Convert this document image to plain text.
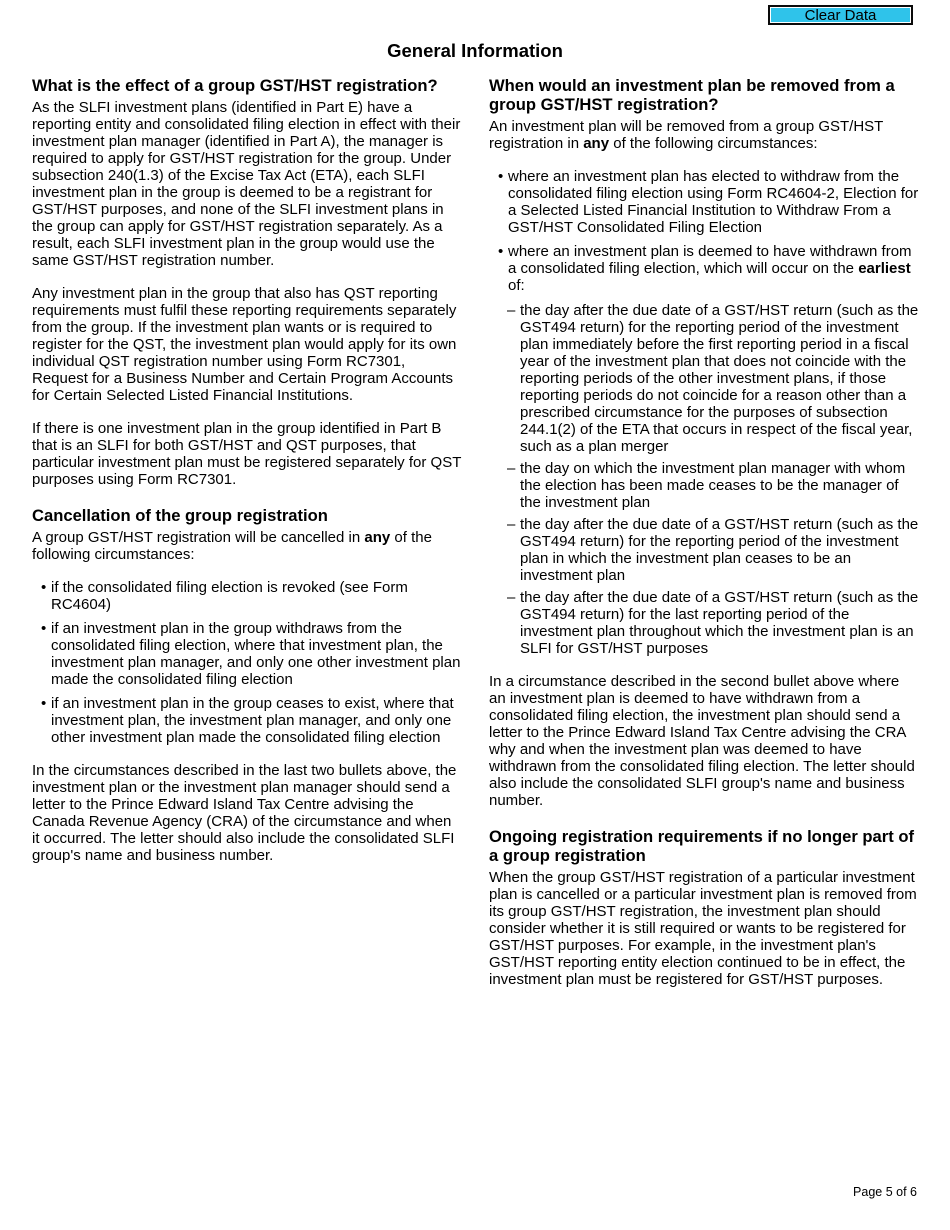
Clear Data
General Information
What is the effect of a group GST/HST registration?

As the SLFI investment plans (identified in Part E) have a reporting entity and consolidated filing election in effect with their investment plan manager (identified in Part A), the manager is required to apply for GST/HST registration for the group. Under subsection 240(1.3) of the Excise Tax Act (ETA), each SLFI investment plan in the group is deemed to be a registrant for GST/HST purposes, and none of the SLFI investment plans in the group can apply for GST/HST registration separately. As a result, each SLFI investment plan in the group would use the same GST/HST registration number.

Any investment plan in the group that also has QST reporting requirements must fulfil these reporting requirements separately from the group. If the investment plan wants or is required to register for the QST, the investment plan would apply for its own individual QST registration number using Form RC7301, Request for a Business Number and Certain Program Accounts for Certain Selected Listed Financial Institutions.

If there is one investment plan in the group identified in Part B that is an SLFI for both GST/HST and QST purposes, that particular investment plan must be registered separately for QST purposes using Form RC7301.

Cancellation of the group registration

A group GST/HST registration will be cancelled in any of the following circumstances:

• if the consolidated filing election is revoked (see Form RC4604)
• if an investment plan in the group withdraws from the consolidated filing election, where that investment plan, the investment plan manager, and only one other investment plan made the consolidated filing election
• if an investment plan in the group ceases to exist, where that investment plan, the investment plan manager, and only one other investment plan made the consolidated filing election

In the circumstances described in the last two bullets above, the investment plan or the investment plan manager should send a letter to the Prince Edward Island Tax Centre advising the Canada Revenue Agency (CRA) of the circumstance and when it occurred. The letter should also include the consolidated SLFI group's name and business number.

When would an investment plan be removed from a group GST/HST registration?

An investment plan will be removed from a group GST/HST registration in any of the following circumstances:

• where an investment plan has elected to withdraw from the consolidated filing election using Form RC4604-2, Election for a Selected Listed Financial Institution to Withdraw From a GST/HST Consolidated Filing Election
• where an investment plan is deemed to have withdrawn from a consolidated filing election, which will occur on the earliest of:
– the day after the due date of a GST/HST return (such as the GST494 return) for the reporting period of the investment plan immediately before the first reporting period in a fiscal year of the investment plan that does not coincide with the reporting periods of the other investment plans, if those reporting periods do not coincide for a reason other than a prescribed circumstance for the purposes of subsection 244.1(2) of the ETA that occurs in respect of the fiscal year, such as a plan merger
– the day on which the investment plan manager with whom the election has been made ceases to be the manager of the investment plan
– the day after the due date of a GST/HST return (such as the GST494 return) for the reporting period of the investment plan in which the investment plan ceases to be an investment plan
– the day after the due date of a GST/HST return (such as the GST494 return) for the last reporting period of the investment plan throughout which the investment plan is an SLFI for GST/HST purposes

In a circumstance described in the second bullet above where an investment plan is deemed to have withdrawn from a consolidated filing election, the investment plan should send a letter to the Prince Edward Island Tax Centre advising the CRA why and when the investment plan was deemed to have withdrawn from the consolidated filing election. The letter should also include the consolidated SLFI group's name and business number.

Ongoing registration requirements if no longer part of a group registration

When the group GST/HST registration of a particular investment plan is cancelled or a particular investment plan is removed from its group GST/HST registration, the investment plan should consider whether it is still required or wants to be registered for GST/HST purposes. For example, in the investment plan's GST/HST reporting entity election continued to be in effect, the investment plan must be registered for GST/HST purposes.

Page 5 of 6
